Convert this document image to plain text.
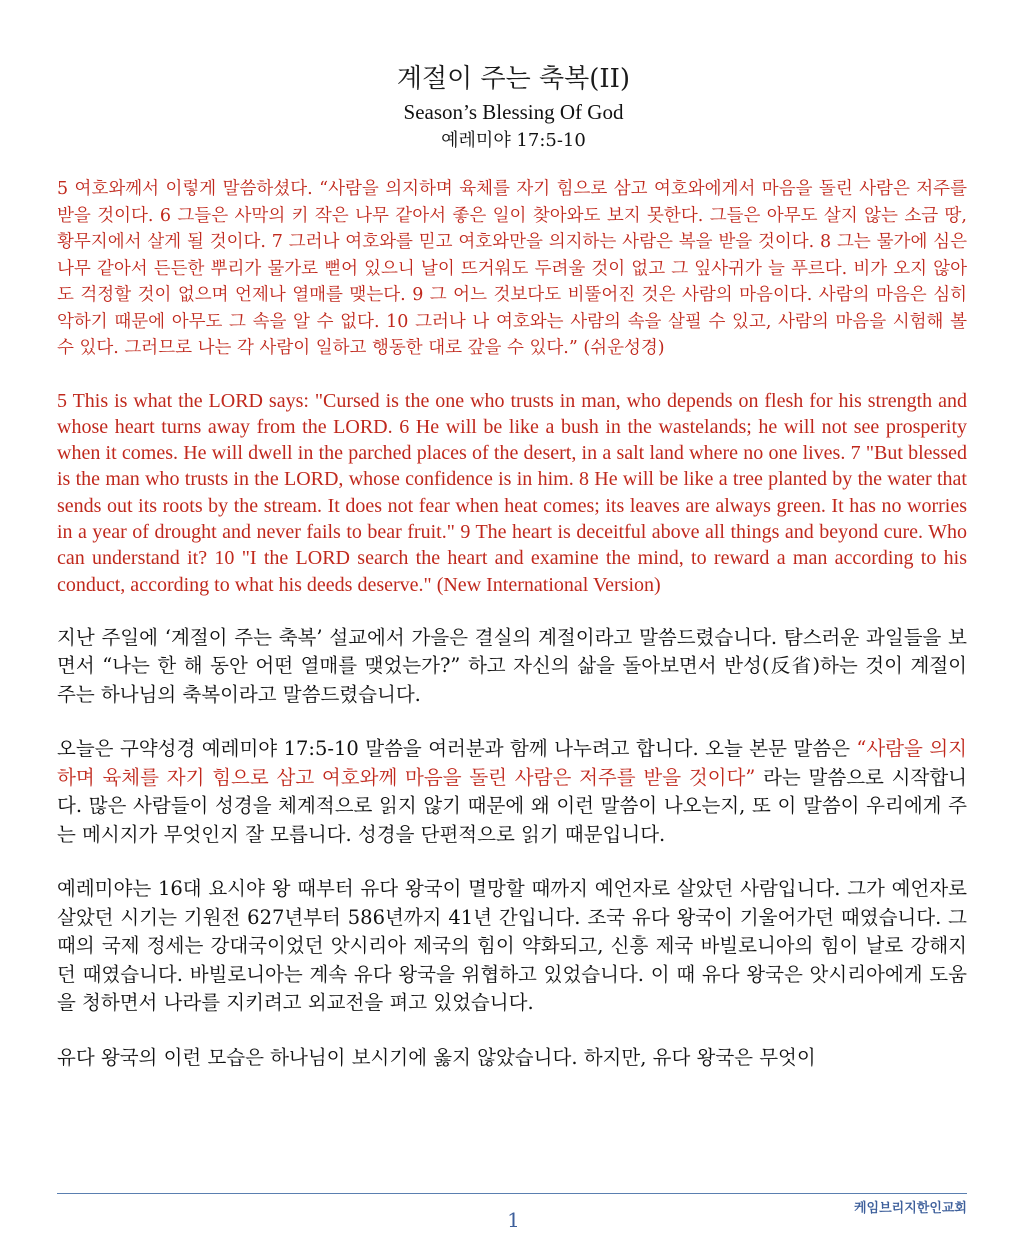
계절이 주는 축복(II)
Season’s Blessing Of God
예레미야 17:5-10

5 여호와께서 이렇게 말씀하셨다. “사람을 의지하며 육체를 자기 힘으로 삼고 여호와에게서 마음을 돌린 사람은 저주를 받을 것이다. 6 그들은 사막의 키 작은 나무 같아서 좋은 일이 찾아와도 보지 못한다. 그들은 아무도 살지 않는 소금 땅, 황무지에서 살게 될 것이다. 7 그러나 여호와를 믿고 여호와만을 의지하는 사람은 복을 받을 것이다. 8 그는 물가에 심은 나무 같아서 든든한 뿌리가 물가로 뻗어 있으니 날이 뜨거워도 두려울 것이 없고 그 잎사귀가 늘 푸르다. 비가 오지 않아도 걱정할 것이 없으며 언제나 열매를 맺는다. 9 그 어느 것보다도 비뚤어진 것은 사람의 마음이다. 사람의 마음은 심히 악하기 때문에 아무도 그 속을 알 수 없다. 10 그러나 나 여호와는 사람의 속을 살필 수 있고, 사람의 마음을 시험해 볼 수 있다. 그러므로 나는 각 사람이 일하고 행동한 대로 갚을 수 있다.” (쉬운성경)

5 This is what the LORD says: "Cursed is the one who trusts in man, who depends on flesh for his strength and whose heart turns away from the LORD. 6 He will be like a bush in the wastelands; he will not see prosperity when it comes. He will dwell in the parched places of the desert, in a salt land where no one lives. 7 "But blessed is the man who trusts in the LORD, whose confidence is in him. 8 He will be like a tree planted by the water that sends out its roots by the stream. It does not fear when heat comes; its leaves are always green. It has no worries in a year of drought and never fails to bear fruit." 9 The heart is deceitful above all things and beyond cure. Who can understand it? 10 "I the LORD search the heart and examine the mind, to reward a man according to his conduct, according to what his deeds deserve." (New International Version)

지난 주일에 ‘계절이 주는 축복’ 설교에서 가을은 결실의 계절이라고 말씀드렸습니다. 탐스러운 과일들을 보면서 “나는 한 해 동안 어떤 열매를 맺었는가?” 하고 자신의 삶을 돌아보면서 반성(反省)하는 것이 계절이 주는 하나님의 축복이라고 말씀드렸습니다.

오늘은 구약성경 예레미야 17:5-10 말씀을 여러분과 함께 나누려고 합니다. 오늘 본문 말씀은 “사람을 의지하며 육체를 자기 힘으로 삼고 여호와께 마음을 돌린 사람은 저주를 받을 것이다” 라는 말씀으로 시작합니다. 많은 사람들이 성경을 체계적으로 읽지 않기 때문에 왜 이런 말씀이 나오는지, 또 이 말씀이 우리에게 주는 메시지가 무엇인지 잘 모릅니다. 성경을 단편적으로 읽기 때문입니다.

예레미야는 16대 요시야 왕 때부터 유다 왕국이 멸망할 때까지 예언자로 살았던 사람입니다. 그가 예언자로 살았던 시기는 기원전 627년부터 586년까지 41년 간입니다. 조국 유다 왕국이 기울어가던 때였습니다. 그 때의 국제 정세는 강대국이었던 앗시리아 제국의 힘이 약화되고, 신흥 제국 바빌로니아의 힘이 날로 강해지던 때였습니다. 바빌로니아는 계속 유다 왕국을 위협하고 있었습니다. 이 때 유다 왕국은 앗시리아에게 도움을 청하면서 나라를 지키려고 외교전을 펴고 있었습니다.

유다 왕국의 이런 모습은 하나님이 보시기에 옳지 않았습니다. 하지만, 유다 왕국은 무엇이

케임브리지한인교회
1
